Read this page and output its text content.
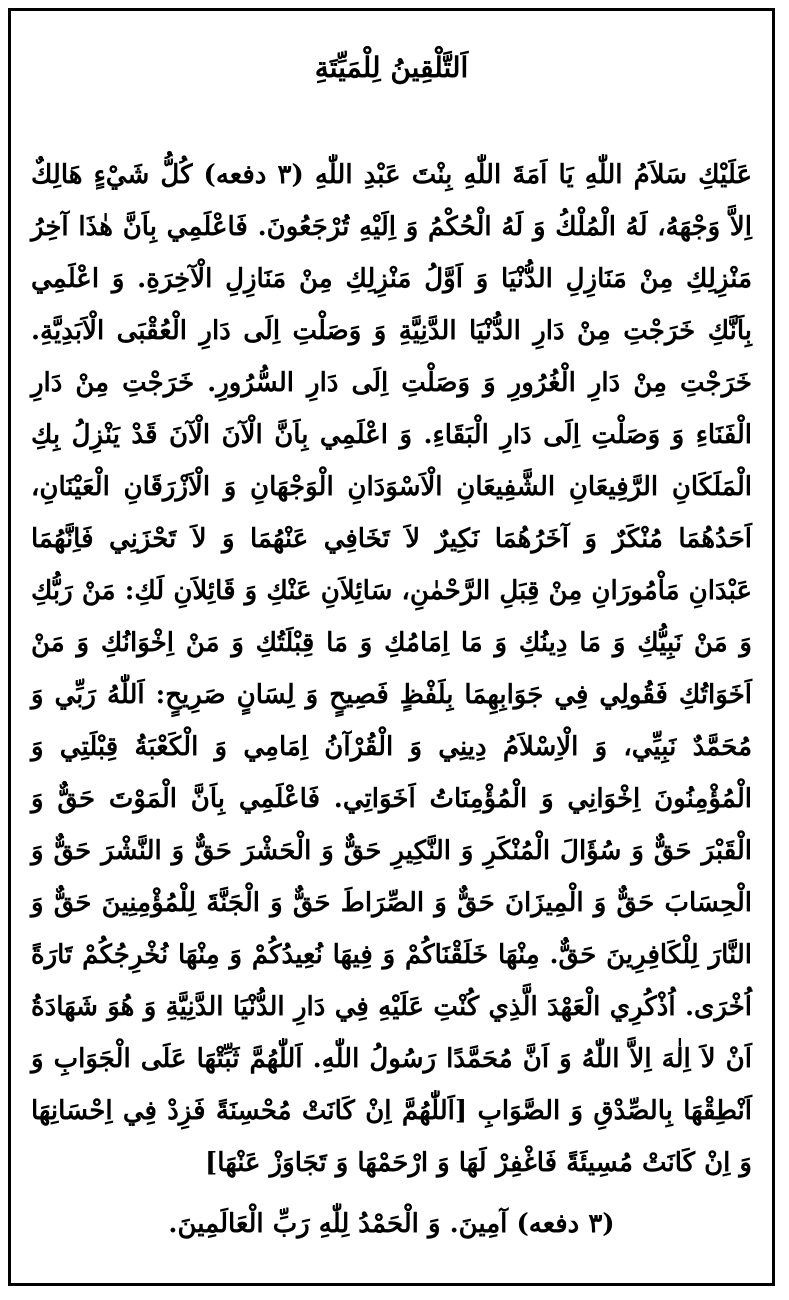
اَلتَّلْقِينُ لِلْمَيِّتَةِ

عَلَيْكِ سَلاَمُ اللّٰهِ يَا اَمَةَ اللّٰهِ بِنْتَ عَبْدِ اللّٰهِ (٣ دفعه) كُلُّ شَيْءٍ هَالِكٌ اِلاَّ وَجْهَهُ، لَهُ الْمُلْكُ وَ لَهُ الْحُكْمُ وَ اِلَيْهِ تُرْجَعُونَ. فَاعْلَمِي بِاَنَّ هٰذَا آخِرُ مَنْزِلِكِ مِنْ مَنَازِلِ الدُّنْيَا وَ اَوَّلُ مَنْزِلِكِ مِنْ مَنَازِلِ الْآخِرَةِ. وَ اعْلَمِي بِاَنَّكِ خَرَجْتِ مِنْ دَارِ الدُّنْيَا الدَّنِيَّةِ وَ وَصَلْتِ اِلَى دَارِ الْعُقْبَى الْاَبَدِيَّةِ. خَرَجْتِ مِنْ دَارِ الْغُرُورِ وَ وَصَلْتِ اِلَى دَارِ السُّرُورِ. خَرَجْتِ مِنْ دَارِ الْفَنَاءِ وَ وَصَلْتِ اِلَى دَارِ الْبَقَاءِ. وَ اعْلَمِي بِاَنَّ الْآنَ الْآنَ قَدْ يَنْزِلُ بِكِ الْمَلَكَانِ الرَّفِيعَانِ الشَّفِيعَانِ الْاَسْوَدَانِ الْوَجْهَانِ وَ الْاَزْرَقَانِ الْعَيْنَانِ، اَحَدُهُمَا مُنْكَرٌ وَ آخَرُهُمَا نَكِيرٌ لاَ تَخَافِي عَنْهُمَا وَ لاَ تَحْزَنِي فَاِنَّهُمَا عَبْدَانِ مَاْمُورَانِ مِنْ قِبَلِ الرَّحْمٰنِ، سَائِلاَنِ عَنْكِ وَ قَائِلاَنِ لَكِ: مَنْ رَبُّكِ وَ مَنْ نَبِيُّكِ وَ مَا دِينُكِ وَ مَا اِمَامُكِ وَ مَا قِبْلَتُكِ وَ مَنْ اِخْوَانُكِ وَ مَنْ اَخَوَاتُكِ فَقُولِي فِي جَوَابِهِمَا بِلَفْظٍ فَصِيحٍ وَ لِسَانٍ صَرِيحٍ: اَللّٰهُ رَبِّي وَ مُحَمَّدٌ نَبِيِّي، وَ الْاِسْلاَمُ دِينِي وَ الْقُرْآنُ اِمَامِي وَ الْكَعْبَةُ قِبْلَتِي وَ الْمُؤْمِنُونَ اِخْوَانِي وَ الْمُؤْمِنَاتُ اَخَوَاتِي. فَاعْلَمِي بِاَنَّ الْمَوْتَ حَقٌّ وَ الْقَبْرَ حَقٌّ وَ سُؤَالَ الْمُنْكَرِ وَ النَّكِيرِ حَقٌّ وَ الْحَشْرَ حَقٌّ وَ النَّشْرَ حَقٌّ وَ الْحِسَابَ حَقٌّ وَ الْمِيزَانَ حَقٌّ وَ الصِّرَاطَ حَقٌّ وَ الْجَنَّةَ لِلْمُؤْمِنِينَ حَقٌّ وَ النَّارَ لِلْكَافِرِينَ حَقٌّ. مِنْهَا خَلَقْنَاكُمْ وَ فِيهَا نُعِيدُكُمْ وَ مِنْهَا نُخْرِجُكُمْ تَارَةً اُخْرَى. اُذْكُرِي الْعَهْدَ الَّذِي كُنْتِ عَلَيْهِ فِي دَارِ الدُّنْيَا الدَّنِيَّةِ وَ هُوَ شَهَادَةُ اَنْ لاَ اِلٰهَ اِلاَّ اللّٰهُ وَ اَنَّ مُحَمَّدًا رَسُولُ اللّٰهِ. اَللّٰهُمَّ ثَبِّتْهَا عَلَى الْجَوَابِ وَ اَنْطِقْهَا بِالصِّدْقِ وَ الصَّوَابِ [اَللّٰهُمَّ اِنْ كَانَتْ مُحْسِنَةً فَزِدْ فِي اِحْسَانِهَا وَ اِنْ كَانَتْ مُسِيئَةً فَاغْفِرْ لَهَا وَ ارْحَمْهَا وَ تَجَاوَزْ عَنْهَا]

(٣ دفعه) آمِينَ. وَ الْحَمْدُ لِلّٰهِ رَبِّ الْعَالَمِينَ.
